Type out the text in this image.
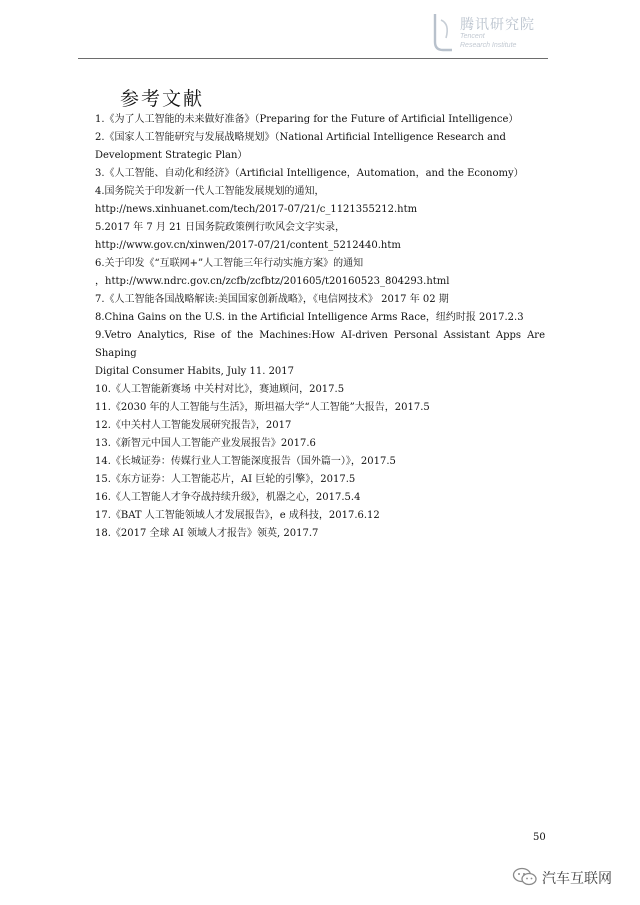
腾讯研究院
Tencent
Research Institute
参考文献
1.《为了人工智能的未来做好准备》（Preparing for the Future of Artificial Intelligence）
2.《国家人工智能研究与发展战略规划》（National Artificial Intelligence Research and
Development Strategic Plan）
3.《人工智能、自动化和经济》（Artificial Intelligence，Automation，and the Economy）
4.国务院关于印发新一代人工智能发展规划的通知，
http://news.xinhuanet.com/tech/2017-07/21/c_1121355212.htm
5.2017 年 7 月 21 日国务院政策例行吹风会文字实录，
http://www.gov.cn/xinwen/2017-07/21/content_5212440.htm
6.关于印发《“互联网+”人工智能三年行动实施方案》的通知
，http://www.ndrc.gov.cn/zcfb/zcfbtz/201605/t20160523_804293.html
7.《人工智能各国战略解读:美国国家创新战略》，《电信网技术》 2017 年 02 期
8.China Gains on the U.S. in the Artificial Intelligence Arms Race，纽约时报 2017.2.3
9.Vetro Analytics, Rise of the Machines:How AI-driven Personal Assistant Apps Are Shaping
Digital Consumer Habits, July 11. 2017
10.《人工智能新赛场 中关村对比》，赛迪顾问，2017.5
11.《2030 年的人工智能与生活》，斯坦福大学“人工智能”大报告，2017.5
12.《中关村人工智能发展研究报告》，2017
13.《新智元中国人工智能产业发展报告》2017.6
14.《长城证券：传媒行业人工智能深度报告（国外篇一）》，2017.5
15.《东方证券：人工智能芯片，AI 巨轮的引擎》，2017.5
16.《人工智能人才争夺战持续升级》，机器之心，2017.5.4
17.《BAT 人工智能领域人才发展报告》，e 成科技，2017.6.12
18.《2017 全球 AI 领域人才报告》领英, 2017.7
50
汽车互联网
